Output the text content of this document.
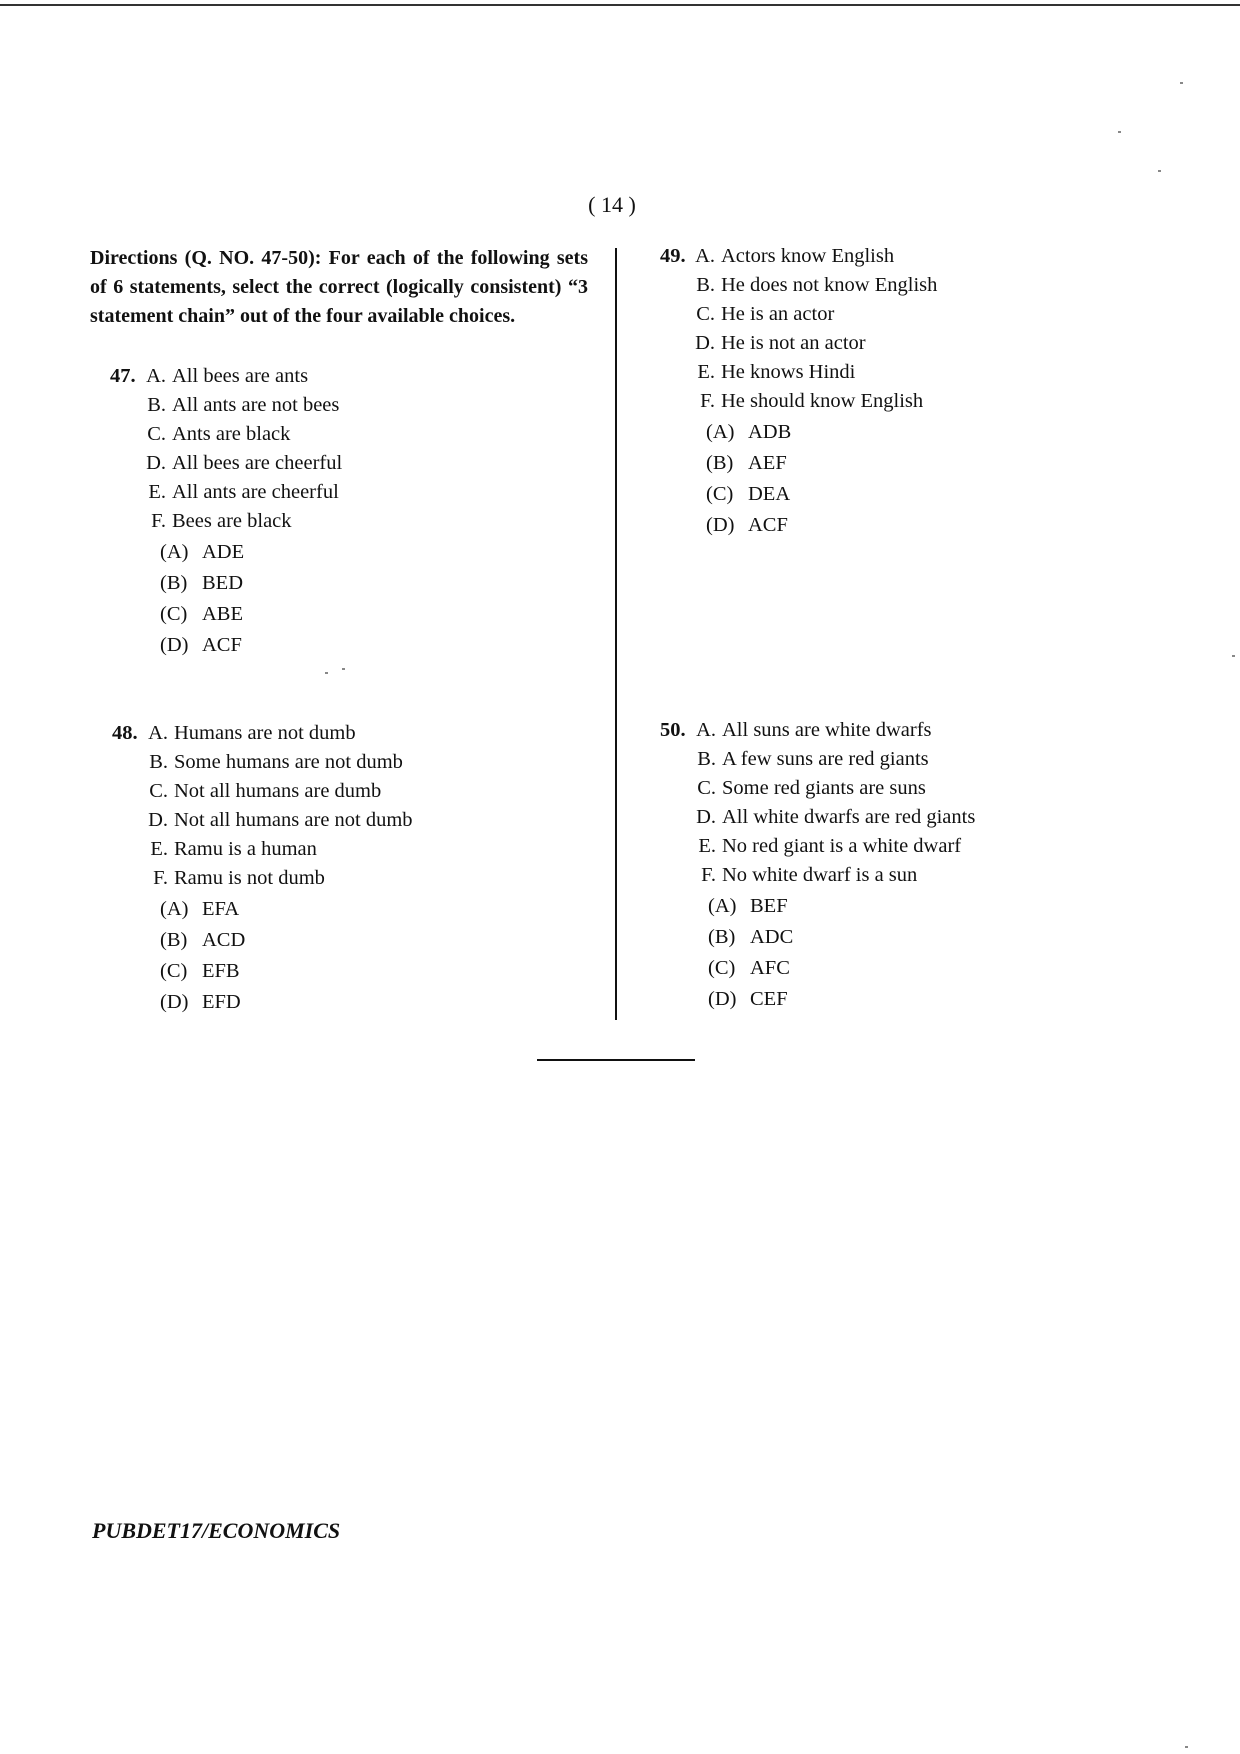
( 14 )
Directions (Q. NO. 47-50): For each of the following sets of 6 statements, select the correct (logically consistent) “3 statement chain” out of the four available choices.
47. A. All bees are ants
B. All ants are not bees
C. Ants are black
D. All bees are cheerful
E. All ants are cheerful
F. Bees are black
(A) ADE
(B) BED
(C) ABE
(D) ACF
48. A. Humans are not dumb
B. Some humans are not dumb
C. Not all humans are dumb
D. Not all humans are not dumb
E. Ramu is a human
F. Ramu is not dumb
(A) EFA
(B) ACD
(C) EFB
(D) EFD
49. A. Actors know English
B. He does not know English
C. He is an actor
D. He is not an actor
E. He knows Hindi
F. He should know English
(A) ADB
(B) AEF
(C) DEA
(D) ACF
50. A. All suns are white dwarfs
B. A few suns are red giants
C. Some red giants are suns
D. All white dwarfs are red giants
E. No red giant is a white dwarf
F. No white dwarf is a sun
(A) BEF
(B) ADC
(C) AFC
(D) CEF
PUBDET17/ECONOMICS
